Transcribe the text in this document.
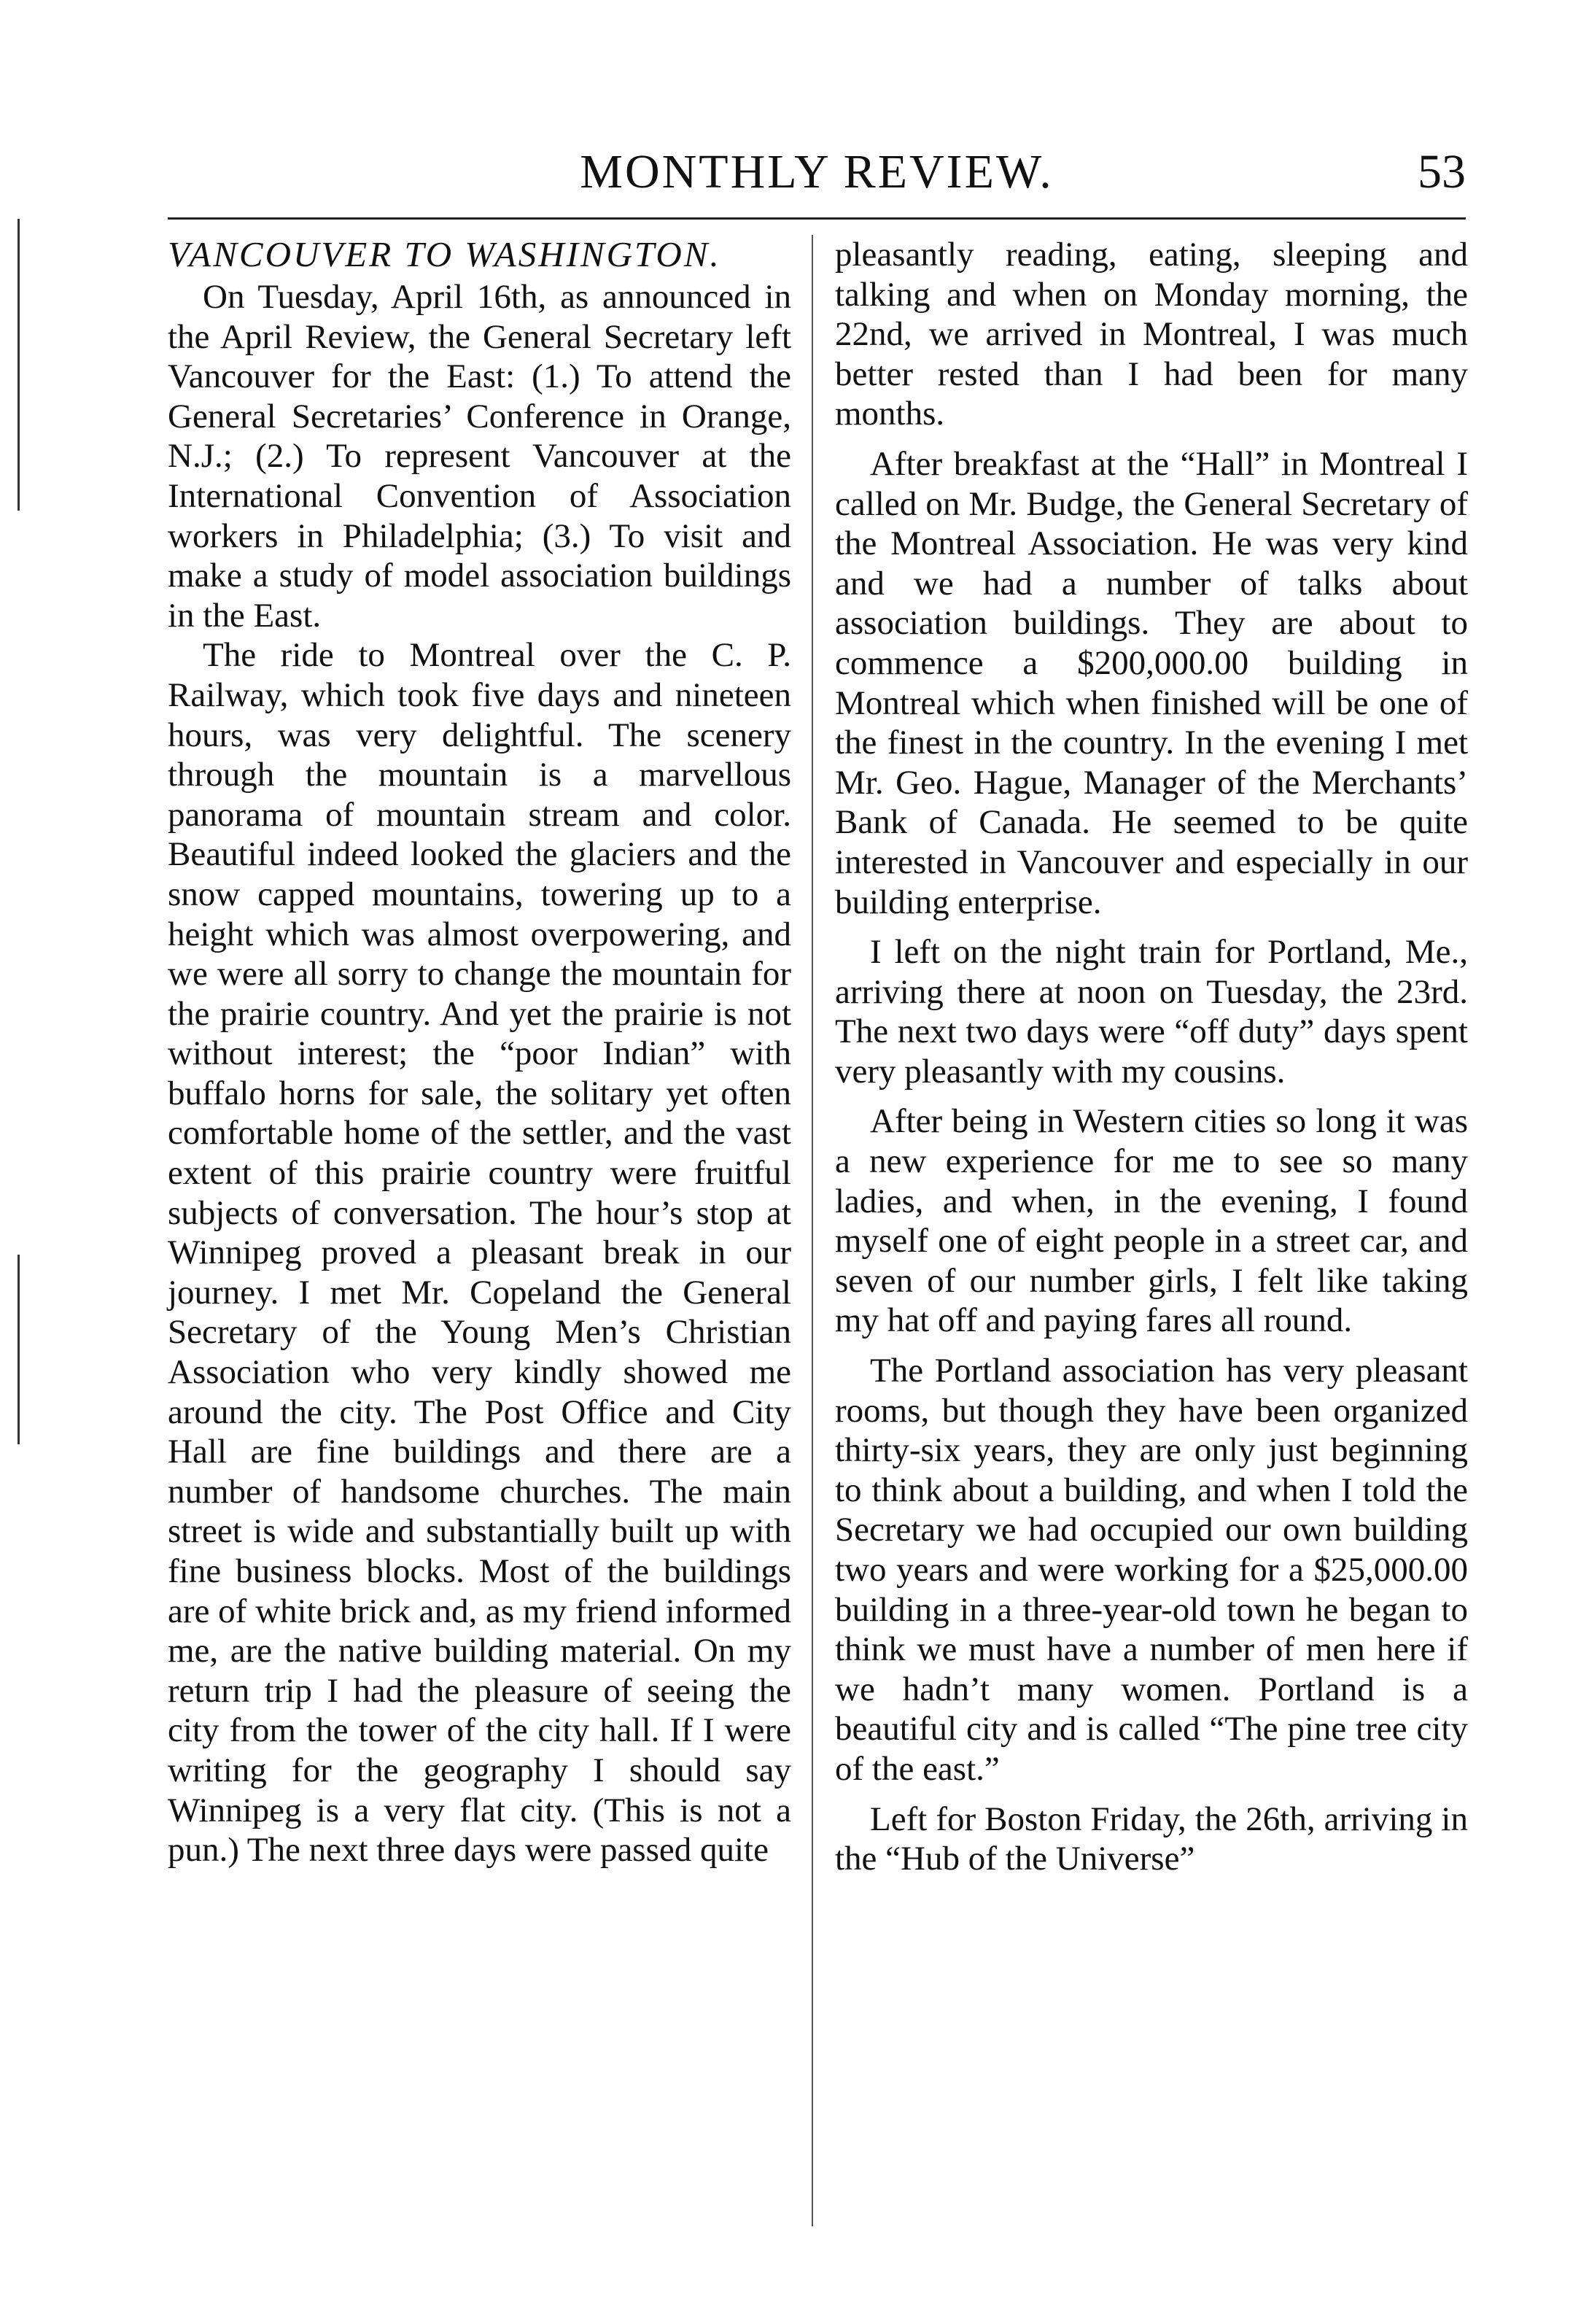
MONTHLY REVIEW.	53
VANCOUVER TO WASHINGTON.

On Tuesday, April 16th, as announced in the April Review, the General Secretary left Vancouver for the East: (1.) To attend the General Secretaries’ Conference in Orange, N.J.; (2.) To represent Vancouver at the International Convention of Association workers in Philadelphia; (3.) To visit and make a study of model association buildings in the East.

The ride to Montreal over the C. P. Railway, which took five days and nineteen hours, was very delightful. The scenery through the mountain is a marvellous panorama of mountain stream and color. Beautiful indeed looked the glaciers and the snow capped mountains, towering up to a height which was almost overpowering, and we were all sorry to change the mountain for the prairie country. And yet the prairie is not without interest; the “poor Indian” with buffalo horns for sale, the solitary yet often comfortable home of the settler, and the vast extent of this prairie country were fruitful subjects of conversation. The hour’s stop at Winnipeg proved a pleasant break in our journey. I met Mr. Copeland the General Secretary of the Young Men’s Christian Association who very kindly showed me around the city. The Post Office and City Hall are fine buildings and there are a number of handsome churches. The main street is wide and substantially built up with fine business blocks. Most of the buildings are of white brick and, as my friend informed me, are the native building material. On my return trip I had the pleasure of seeing the city from the tower of the city hall. If I were writing for the geography I should say Winnipeg is a very flat city. (This is not a pun.) The next three days were passed quite

pleasantly reading, eating, sleeping and talking and when on Monday morning, the 22nd, we arrived in Montreal, I was much better rested than I had been for many months.

After breakfast at the “Hall” in Montreal I called on Mr. Budge, the General Secretary of the Montreal Association. He was very kind and we had a number of talks about association buildings. They are about to commence a $200,000.00 building in Montreal which when finished will be one of the finest in the country. In the evening I met Mr. Geo. Hague, Manager of the Merchants’ Bank of Canada. He seemed to be quite interested in Vancouver and especially in our building enterprise.

I left on the night train for Portland, Me., arriving there at noon on Tuesday, the 23rd. The next two days were “off duty” days spent very pleasantly with my cousins.

After being in Western cities so long it was a new experience for me to see so many ladies, and when, in the evening, I found myself one of eight people in a street car, and seven of our number girls, I felt like taking my hat off and paying fares all round.

The Portland association has very pleasant rooms, but though they have been organized thirty-six years, they are only just beginning to think about a building, and when I told the Secretary we had occupied our own building two years and were working for a $25,000.00 building in a three-year-old town he began to think we must have a number of men here if we hadn’t many women. Portland is a beautiful city and is called “The pine tree city of the east.”

Left for Boston Friday, the 26th, arriving in the “Hub of the Universe”
